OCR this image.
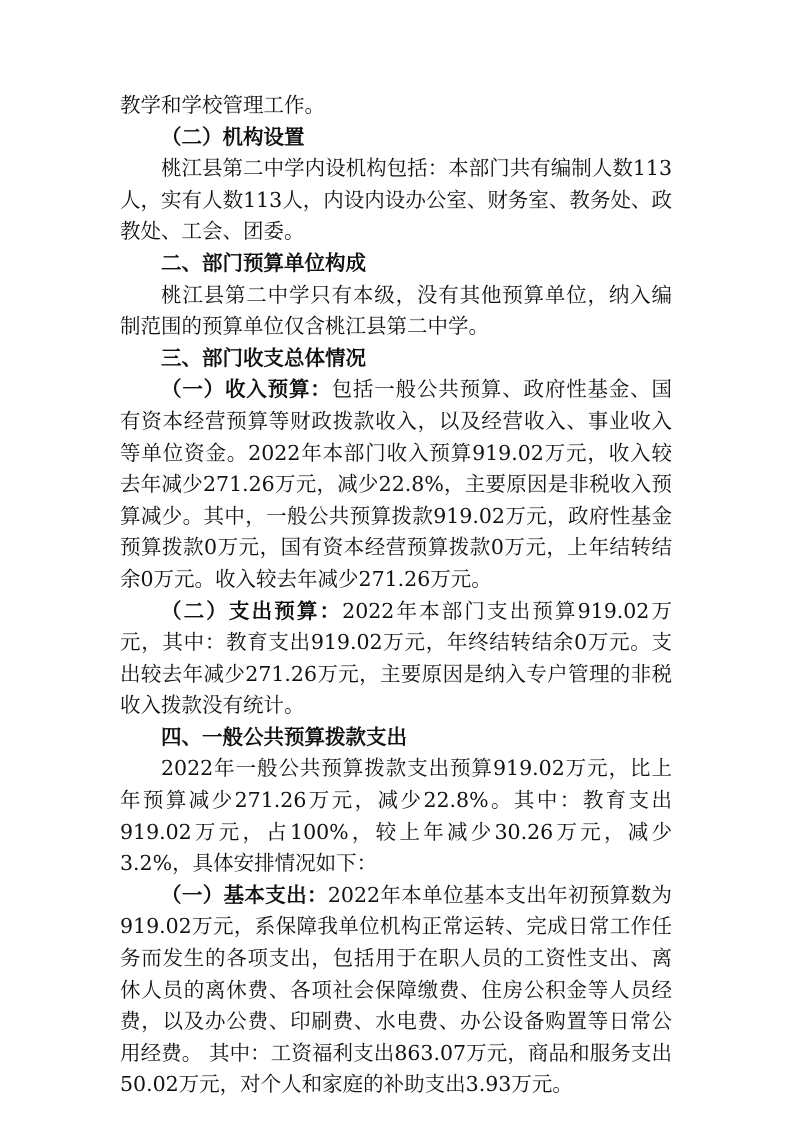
教学和学校管理工作。

（二）机构设置

桃江县第二中学内设机构包括：本部门共有编制人数113人，实有人数113人，内设内设办公室、财务室、教务处、政教处、工会、团委。

二、部门预算单位构成

桃江县第二中学只有本级，没有其他预算单位，纳入编制范围的预算单位仅含桃江县第二中学。

三、部门收支总体情况

（一）收入预算：包括一般公共预算、政府性基金、国有资本经营预算等财政拨款收入，以及经营收入、事业收入等单位资金。2022年本部门收入预算919.02万元，收入较去年减少271.26万元，减少22.8%，主要原因是非税收入预算减少。其中，一般公共预算拨款919.02万元，政府性基金预算拨款0万元，国有资本经营预算拨款0万元，上年结转结余0万元。收入较去年减少271.26万元。

（二）支出预算：2022年本部门支出预算919.02万元，其中：教育支出919.02万元，年终结转结余0万元。支出较去年减少271.26万元，主要原因是纳入专户管理的非税收入拨款没有统计。

四、一般公共预算拨款支出

2022年一般公共预算拨款支出预算919.02万元，比上年预算减少271.26万元，减少22.8%。其中：教育支出919.02万元，占100%，较上年减少30.26万元，减少3.2%，具体安排情况如下：

（一）基本支出：2022年本单位基本支出年初预算数为919.02万元，系保障我单位机构正常运转、完成日常工作任务而发生的各项支出，包括用于在职人员的工资性支出、离休人员的离休费、各项社会保障缴费、住房公积金等人员经费，以及办公费、印刷费、水电费、办公设备购置等日常公用经费。 其中：工资福利支出863.07万元，商品和服务支出50.02万元，对个人和家庭的补助支出3.93万元。
